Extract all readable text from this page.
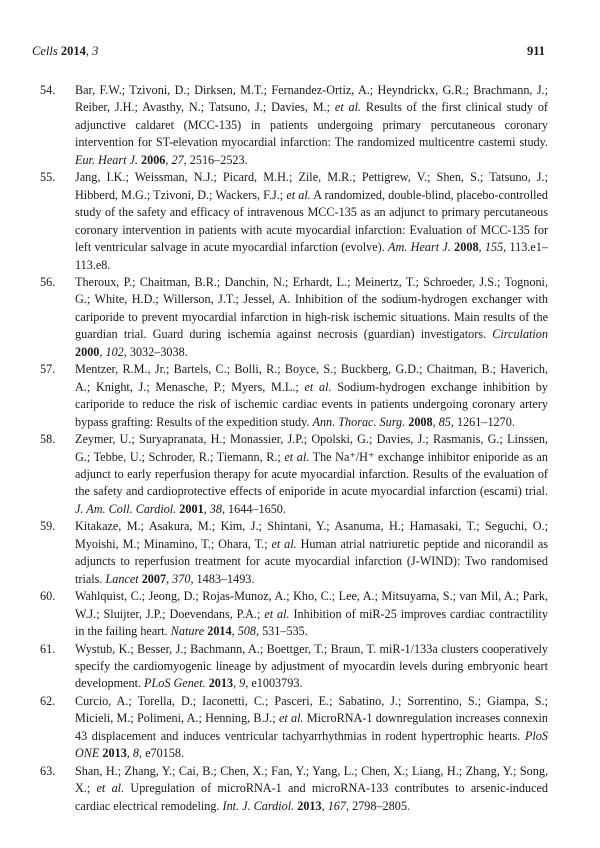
Cells 2014, 3	911
54.	Bar, F.W.; Tzivoni, D.; Dirksen, M.T.; Fernandez-Ortiz, A.; Heyndrickx, G.R.; Brachmann, J.; Reiber, J.H.; Avasthy, N.; Tatsuno, J.; Davies, M.; et al. Results of the first clinical study of adjunctive caldaret (MCC-135) in patients undergoing primary percutaneous coronary intervention for ST-elevation myocardial infarction: The randomized multicentre castemi study. Eur. Heart J. 2006, 27, 2516–2523.
55.	Jang, I.K.; Weissman, N.J.; Picard, M.H.; Zile, M.R.; Pettigrew, V.; Shen, S.; Tatsuno, J.; Hibberd, M.G.; Tzivoni, D.; Wackers, F.J.; et al. A randomized, double-blind, placebo-controlled study of the safety and efficacy of intravenous MCC-135 as an adjunct to primary percutaneous coronary intervention in patients with acute myocardial infarction: Evaluation of MCC-135 for left ventricular salvage in acute myocardial infarction (evolve). Am. Heart J. 2008, 155, 113.e1–113.e8.
56.	Theroux, P.; Chaitman, B.R.; Danchin, N.; Erhardt, L.; Meinertz, T.; Schroeder, J.S.; Tognoni, G.; White, H.D.; Willerson, J.T.; Jessel, A. Inhibition of the sodium-hydrogen exchanger with cariporide to prevent myocardial infarction in high-risk ischemic situations. Main results of the guardian trial. Guard during ischemia against necrosis (guardian) investigators. Circulation 2000, 102, 3032–3038.
57.	Mentzer, R.M., Jr.; Bartels, C.; Bolli, R.; Boyce, S.; Buckberg, G.D.; Chaitman, B.; Haverich, A.; Knight, J.; Menasche, P.; Myers, M.L.; et al. Sodium-hydrogen exchange inhibition by cariporide to reduce the risk of ischemic cardiac events in patients undergoing coronary artery bypass grafting: Results of the expedition study. Ann. Thorac. Surg. 2008, 85, 1261–1270.
58.	Zeymer, U.; Suryapranata, H.; Monassier, J.P.; Opolski, G.; Davies, J.; Rasmanis, G.; Linssen, G.; Tebbe, U.; Schroder, R.; Tiemann, R.; et al. The Na⁺/H⁺ exchange inhibitor eniporide as an adjunct to early reperfusion therapy for acute myocardial infarction. Results of the evaluation of the safety and cardioprotective effects of eniporide in acute myocardial infarction (escami) trial. J. Am. Coll. Cardiol. 2001, 38, 1644–1650.
59.	Kitakaze, M.; Asakura, M.; Kim, J.; Shintani, Y.; Asanuma, H.; Hamasaki, T.; Seguchi, O.; Myoishi, M.; Minamino, T.; Ohara, T.; et al. Human atrial natriuretic peptide and nicorandil as adjuncts to reperfusion treatment for acute myocardial infarction (J-WIND): Two randomised trials. Lancet 2007, 370, 1483–1493.
60.	Wahlquist, C.; Jeong, D.; Rojas-Munoz, A.; Kho, C.; Lee, A.; Mitsuyama, S.; van Mil, A.; Park, W.J.; Sluijter, J.P.; Doevendans, P.A.; et al. Inhibition of miR-25 improves cardiac contractility in the failing heart. Nature 2014, 508, 531–535.
61.	Wystub, K.; Besser, J.; Bachmann, A.; Boettger, T.; Braun, T. miR-1/133a clusters cooperatively specify the cardiomyogenic lineage by adjustment of myocardin levels during embryonic heart development. PLoS Genet. 2013, 9, e1003793.
62.	Curcio, A.; Torella, D.; Iaconetti, C.; Pasceri, E.; Sabatino, J.; Sorrentino, S.; Giampa, S.; Micieli, M.; Polimeni, A.; Henning, B.J.; et al. MicroRNA-1 downregulation increases connexin 43 displacement and induces ventricular tachyarrhythmias in rodent hypertrophic hearts. PloS ONE 2013, 8, e70158.
63.	Shan, H.; Zhang, Y.; Cai, B.; Chen, X.; Fan, Y.; Yang, L.; Chen, X.; Liang, H.; Zhang, Y.; Song, X.; et al. Upregulation of microRNA-1 and microRNA-133 contributes to arsenic-induced cardiac electrical remodeling. Int. J. Cardiol. 2013, 167, 2798–2805.
